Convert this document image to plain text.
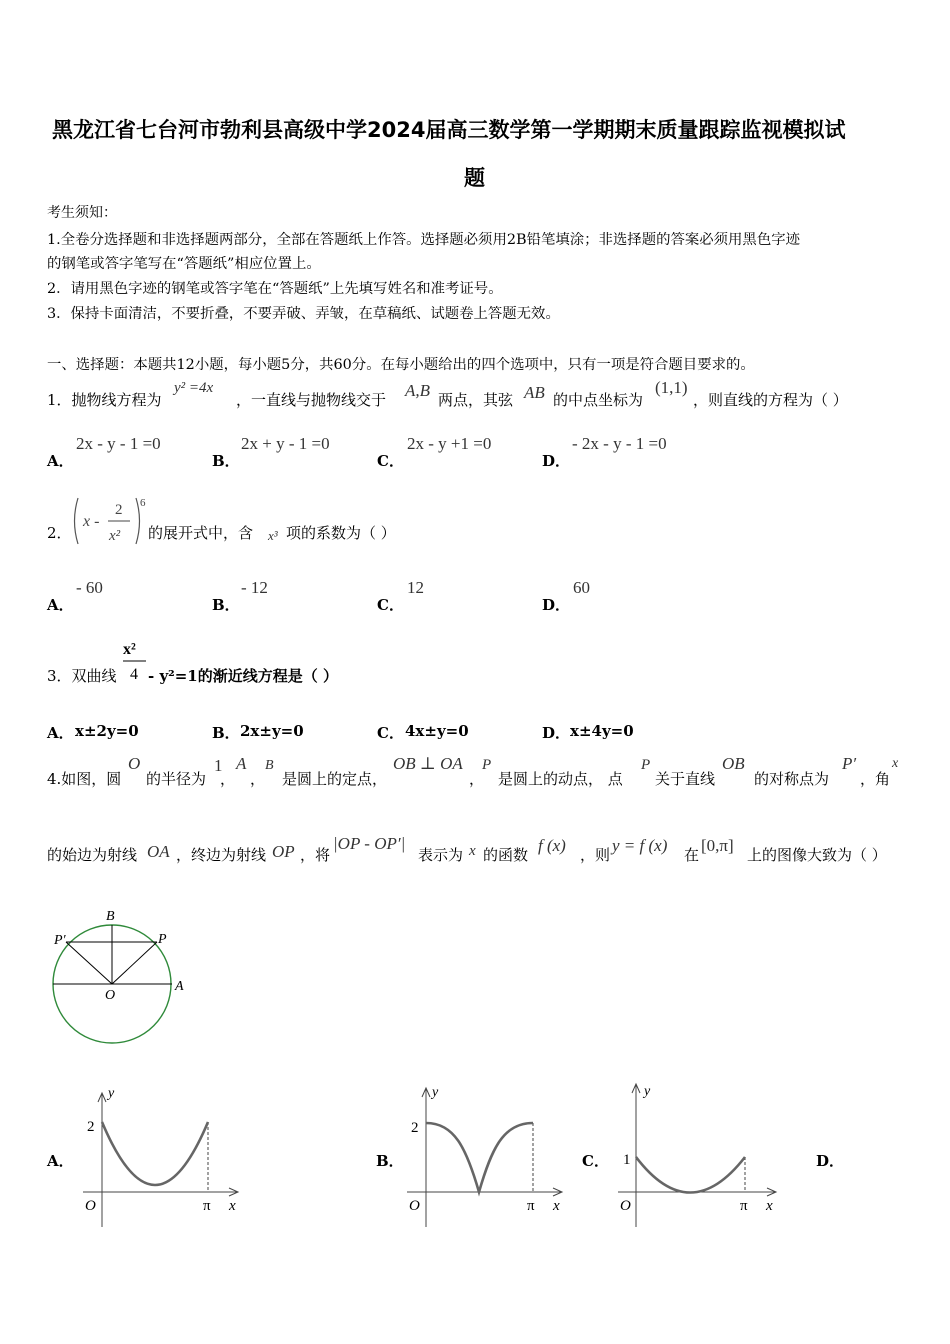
黑龙江省七台河市勃利县高级中学2024届高三数学第一学期期末质量跟踪监视模拟试
题
考生须知：
1.全卷分选择题和非选择题两部分，全部在答题纸上作答。选择题必须用2B铅笔填涂；非选择题的答案必须用黑色字迹
的钢笔或答字笔写在“答题纸”相应位置上。
2．请用黑色字迹的钢笔或答字笔在“答题纸”上先填写姓名和准考证号。
3．保持卡面清洁，不要折叠，不要弄破、弄皱，在草稿纸、试题卷上答题无效。
一、选择题：本题共12小题，每小题5分，共60分。在每小题给出的四个选项中，只有一项是符合题目要求的。
1．抛物线方程为
y² =4x
，一直线与抛物线交于 A,B 两点，其弦 AB 的中点坐标为
(1,1)
，则直线的方程为（ ）
A．
2x - y - 1 =0
B．
2x + y - 1 =0
C．
2x - y +1 =0
D．
- 2x - y - 1 =0
2．
x -
2
x²
6
的展开式中，含 x³ 项的系数为（ ）
A．
- 60
B．
- 12
C．
12
D．
60
3．双曲线
x²
4 - y²=1的渐近线方程是（ ）
A． x±2y=0	B． 2x±y=0	C． 4x±y=0	D． x±4y=0
4.如图，圆
O
的半径为
1
，
A
，
B
是圆上的定点，
OB ⊥ OA
，
P
是圆上的动点， 点
P
关于直线
OB
的对称点为
P′
，角
x
的始边为射线 OA ，终边为射线 OP ，将
|OP - OP′|
表示为 x 的函数 f (x) ，则 y = f (x) 在 [0,π] 上的图像大致为（ ）
B
P′	P
O
A
A．
y
2
O	π x
B．
y
2
O	π x
C．
y
1
O	π x
D．
